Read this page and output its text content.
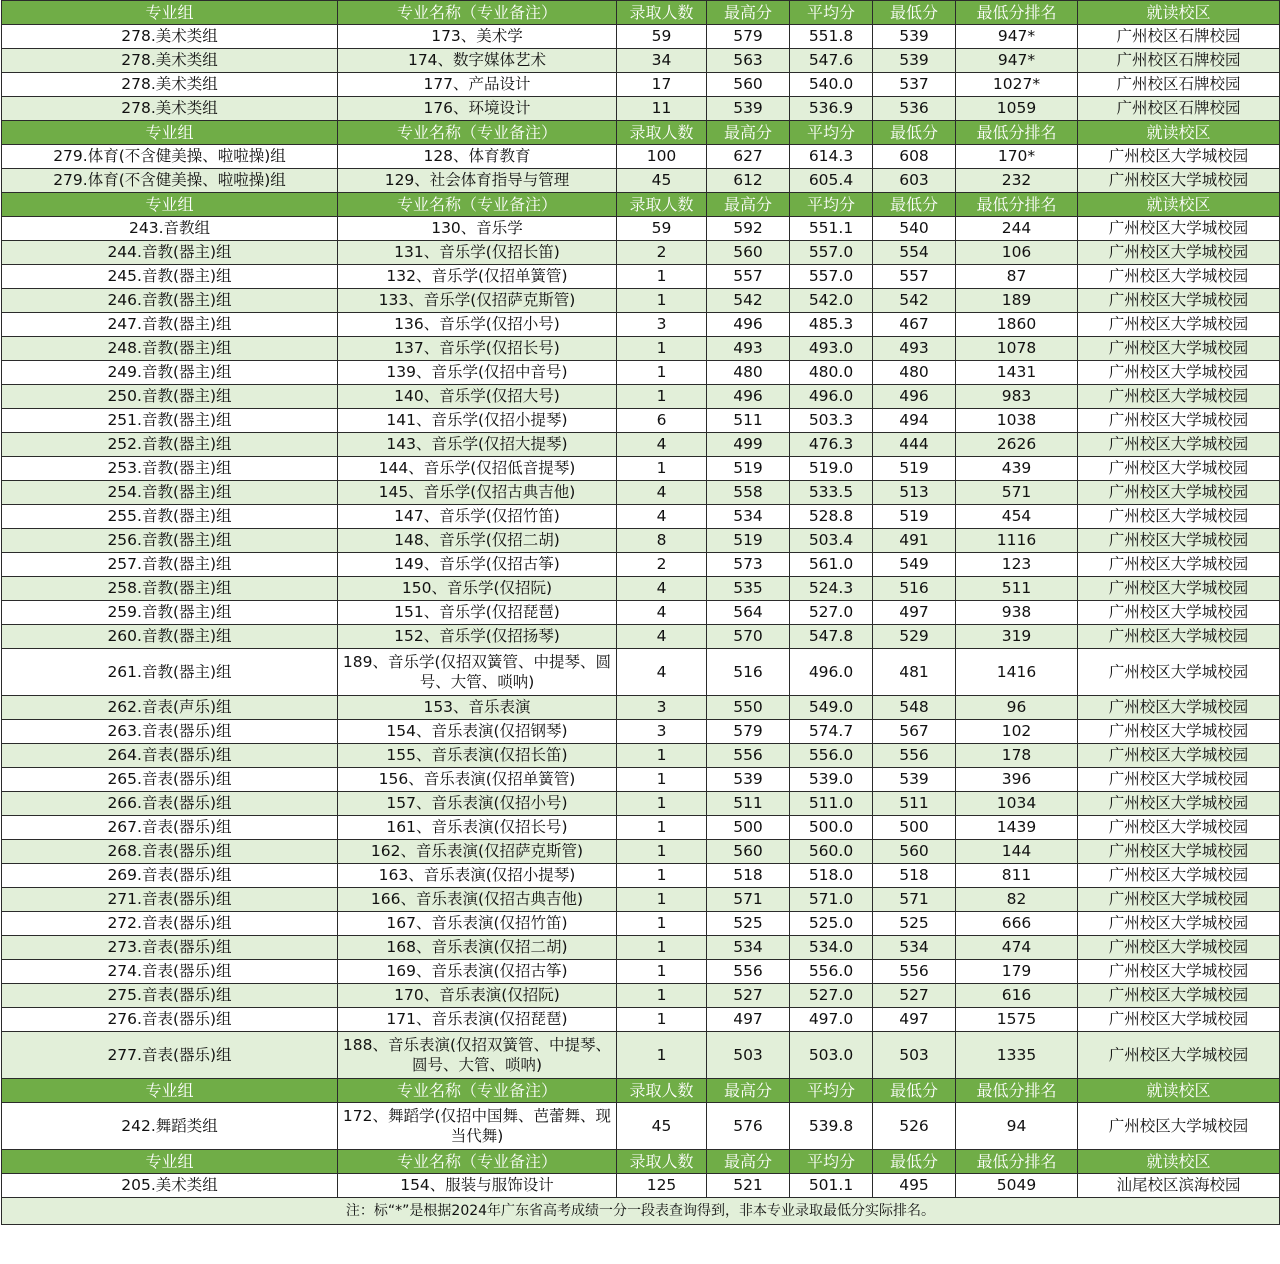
专业组	专业名称（专业备注）	录取人数	最高分	平均分	最低分	最低分排名	就读校区
278.美术类组	173、美术学	59	579	551.8	539	947*	广州校区石牌校园
278.美术类组	174、数字媒体艺术	34	563	547.6	539	947*	广州校区石牌校园
278.美术类组	177、产品设计	17	560	540.0	537	1027*	广州校区石牌校园
278.美术类组	176、环境设计	11	539	536.9	536	1059	广州校区石牌校园
专业组	专业名称（专业备注）	录取人数	最高分	平均分	最低分	最低分排名	就读校区
279.体育(不含健美操、啦啦操)组	128、体育教育	100	627	614.3	608	170*	广州校区大学城校园
279.体育(不含健美操、啦啦操)组	129、社会体育指导与管理	45	612	605.4	603	232	广州校区大学城校园
专业组	专业名称（专业备注）	录取人数	最高分	平均分	最低分	最低分排名	就读校区
243.音教组	130、音乐学	59	592	551.1	540	244	广州校区大学城校园
244.音教(器主)组	131、音乐学(仅招长笛)	2	560	557.0	554	106	广州校区大学城校园
245.音教(器主)组	132、音乐学(仅招单簧管)	1	557	557.0	557	87	广州校区大学城校园
246.音教(器主)组	133、音乐学(仅招萨克斯管)	1	542	542.0	542	189	广州校区大学城校园
247.音教(器主)组	136、音乐学(仅招小号)	3	496	485.3	467	1860	广州校区大学城校园
248.音教(器主)组	137、音乐学(仅招长号)	1	493	493.0	493	1078	广州校区大学城校园
249.音教(器主)组	139、音乐学(仅招中音号)	1	480	480.0	480	1431	广州校区大学城校园
250.音教(器主)组	140、音乐学(仅招大号)	1	496	496.0	496	983	广州校区大学城校园
251.音教(器主)组	141、音乐学(仅招小提琴)	6	511	503.3	494	1038	广州校区大学城校园
252.音教(器主)组	143、音乐学(仅招大提琴)	4	499	476.3	444	2626	广州校区大学城校园
253.音教(器主)组	144、音乐学(仅招低音提琴)	1	519	519.0	519	439	广州校区大学城校园
254.音教(器主)组	145、音乐学(仅招古典吉他)	4	558	533.5	513	571	广州校区大学城校园
255.音教(器主)组	147、音乐学(仅招竹笛)	4	534	528.8	519	454	广州校区大学城校园
256.音教(器主)组	148、音乐学(仅招二胡)	8	519	503.4	491	1116	广州校区大学城校园
257.音教(器主)组	149、音乐学(仅招古筝)	2	573	561.0	549	123	广州校区大学城校园
258.音教(器主)组	150、音乐学(仅招阮)	4	535	524.3	516	511	广州校区大学城校园
259.音教(器主)组	151、音乐学(仅招琵琶)	4	564	527.0	497	938	广州校区大学城校园
260.音教(器主)组	152、音乐学(仅招扬琴)	4	570	547.8	529	319	广州校区大学城校园
261.音教(器主)组	189、音乐学(仅招双簧管、中提琴、圆号、大管、唢呐)	4	516	496.0	481	1416	广州校区大学城校园
262.音表(声乐)组	153、音乐表演	3	550	549.0	548	96	广州校区大学城校园
263.音表(器乐)组	154、音乐表演(仅招钢琴)	3	579	574.7	567	102	广州校区大学城校园
264.音表(器乐)组	155、音乐表演(仅招长笛)	1	556	556.0	556	178	广州校区大学城校园
265.音表(器乐)组	156、音乐表演(仅招单簧管)	1	539	539.0	539	396	广州校区大学城校园
266.音表(器乐)组	157、音乐表演(仅招小号)	1	511	511.0	511	1034	广州校区大学城校园
267.音表(器乐)组	161、音乐表演(仅招长号)	1	500	500.0	500	1439	广州校区大学城校园
268.音表(器乐)组	162、音乐表演(仅招萨克斯管)	1	560	560.0	560	144	广州校区大学城校园
269.音表(器乐)组	163、音乐表演(仅招小提琴)	1	518	518.0	518	811	广州校区大学城校园
271.音表(器乐)组	166、音乐表演(仅招古典吉他)	1	571	571.0	571	82	广州校区大学城校园
272.音表(器乐)组	167、音乐表演(仅招竹笛)	1	525	525.0	525	666	广州校区大学城校园
273.音表(器乐)组	168、音乐表演(仅招二胡)	1	534	534.0	534	474	广州校区大学城校园
274.音表(器乐)组	169、音乐表演(仅招古筝)	1	556	556.0	556	179	广州校区大学城校园
275.音表(器乐)组	170、音乐表演(仅招阮)	1	527	527.0	527	616	广州校区大学城校园
276.音表(器乐)组	171、音乐表演(仅招琵琶)	1	497	497.0	497	1575	广州校区大学城校园
277.音表(器乐)组	188、音乐表演(仅招双簧管、中提琴、圆号、大管、唢呐)	1	503	503.0	503	1335	广州校区大学城校园
专业组	专业名称（专业备注）	录取人数	最高分	平均分	最低分	最低分排名	就读校区
242.舞蹈类组	172、舞蹈学(仅招中国舞、芭蕾舞、现当代舞)	45	576	539.8	526	94	广州校区大学城校园
专业组	专业名称（专业备注）	录取人数	最高分	平均分	最低分	最低分排名	就读校区
205.美术类组	154、服装与服饰设计	125	521	501.1	495	5049	汕尾校区滨海校园
注：标“*”是根据2024年广东省高考成绩一分一段表查询得到，非本专业录取最低分实际排名。							
